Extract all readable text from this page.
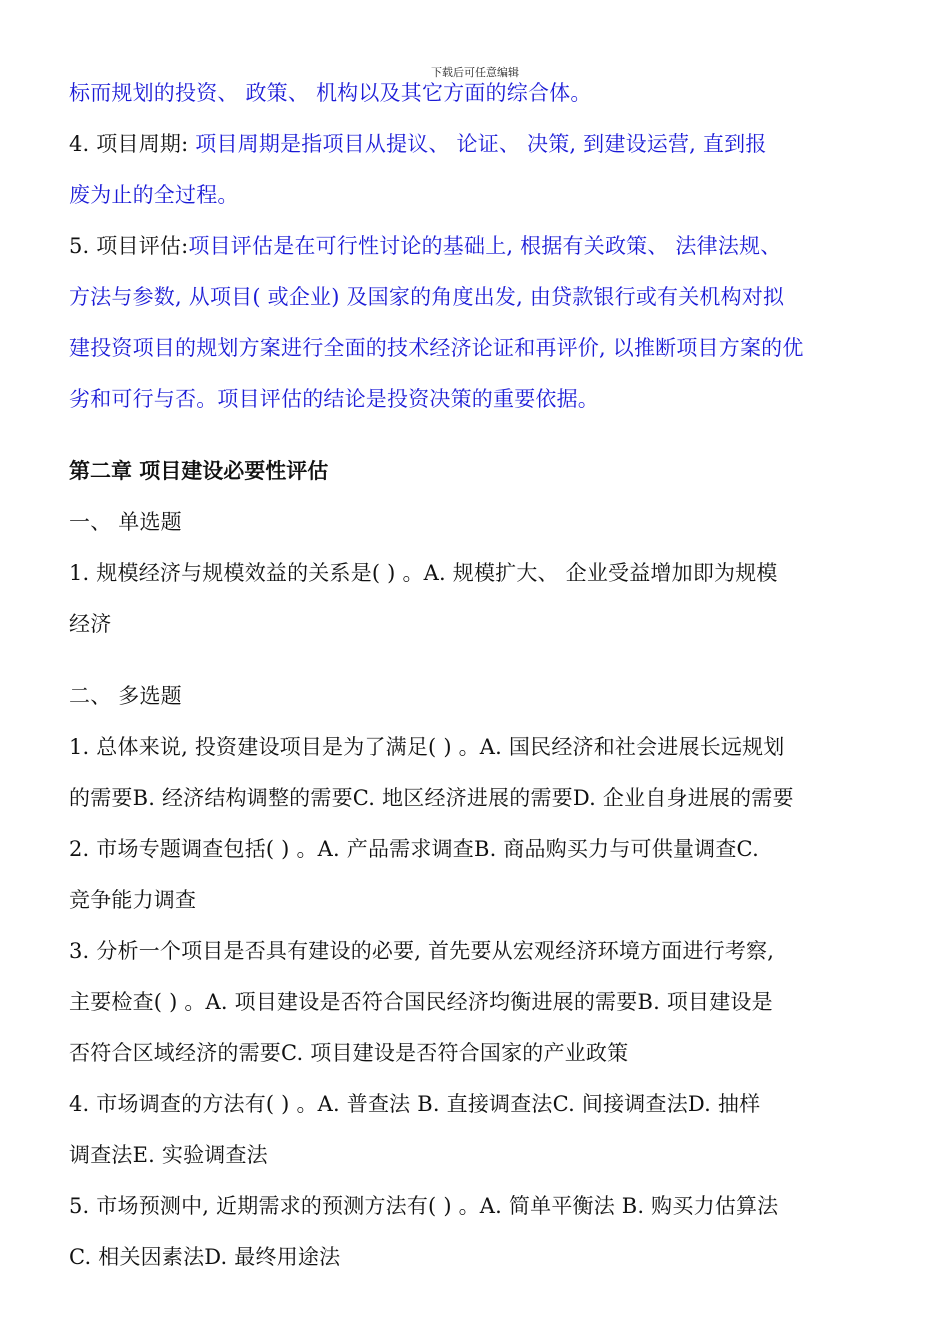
下载后可任意编辑
标而规划的投资、 政策、 机构以及其它方面的综合体。
4. 项目周期: 项目周期是指项目从提议、 论证、 决策, 到建设运营, 直到报
废为止的全过程。
5. 项目评估:项目评估是在可行性讨论的基础上, 根据有关政策、 法律法规、
方法与参数, 从项目( 或企业) 及国家的角度出发, 由贷款银行或有关机构对拟
建投资项目的规划方案进行全面的技术经济论证和再评价, 以推断项目方案的优
劣和可行与否。项目评估的结论是投资决策的重要依据。
第二章 项目建设必要性评估
一、 单选题
1. 规模经济与规模效益的关系是( ) 。A. 规模扩大、 企业受益增加即为规模
经济
二、 多选题
1. 总体来说, 投资建设项目是为了满足( ) 。A. 国民经济和社会进展长远规划
的需要B. 经济结构调整的需要C. 地区经济进展的需要D. 企业自身进展的需要
2. 市场专题调查包括( ) 。A. 产品需求调查B. 商品购买力与可供量调查C.
竞争能力调查
3. 分析一个项目是否具有建设的必要, 首先要从宏观经济环境方面进行考察,
主要检查( ) 。A. 项目建设是否符合国民经济均衡进展的需要B. 项目建设是
否符合区域经济的需要C. 项目建设是否符合国家的产业政策
4. 市场调查的方法有( ) 。A. 普查法 B. 直接调查法C. 间接调查法D. 抽样
调查法E. 实验调查法
5. 市场预测中, 近期需求的预测方法有( ) 。A. 简单平衡法 B. 购买力估算法
C. 相关因素法D. 最终用途法
